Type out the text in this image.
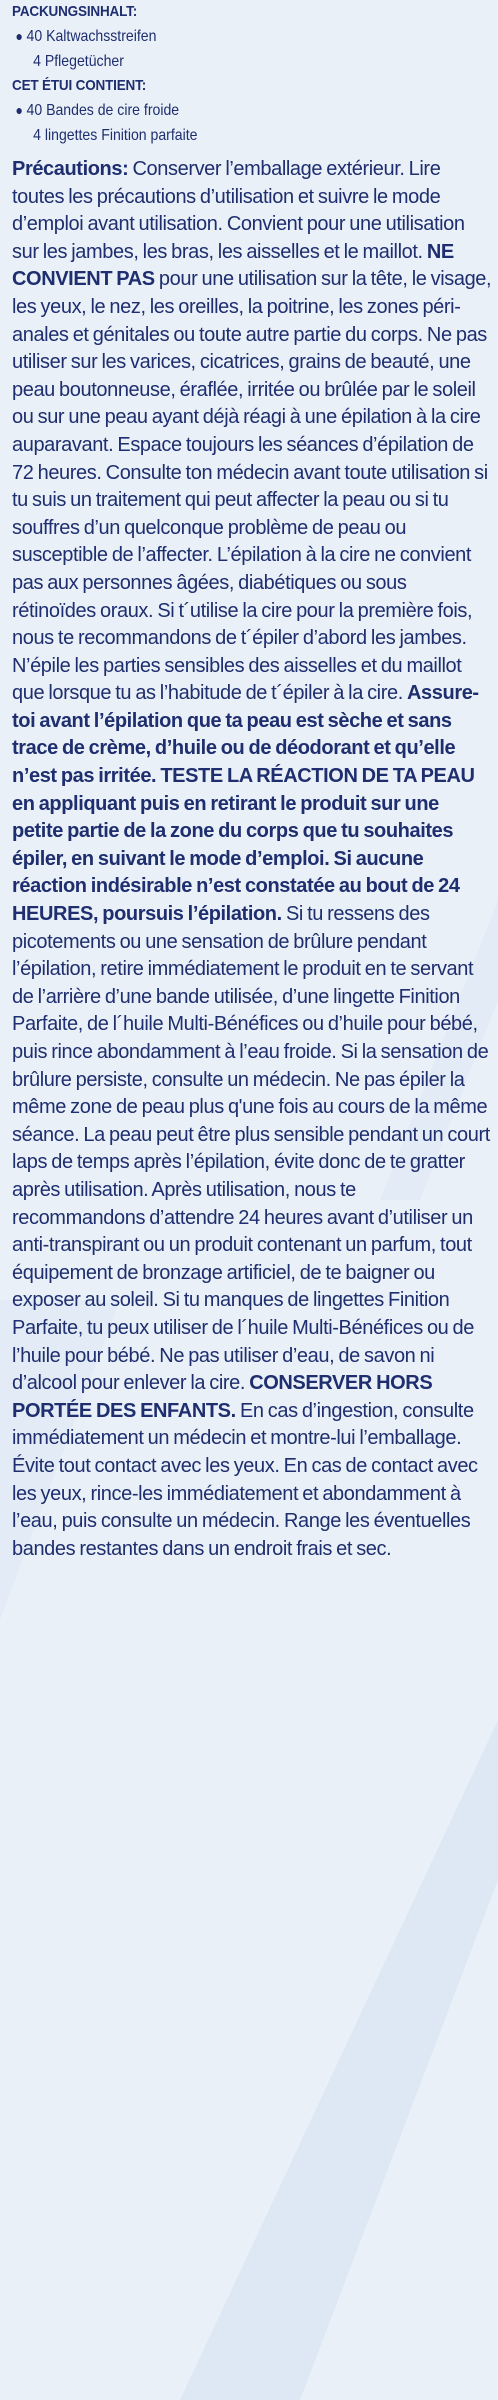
PACKUNGSINHALT:

● 40 Kaltwachsstreifen

4 Pflegetücher

CET ÉTUI CONTIENT:

● 40 Bandes de cire froide

4 lingettes Finition parfaite

Précautions: Conserver l’emballage extérieur. Lire toutes les précautions d’utilisation et suivre le mode d’emploi avant utilisation. Convient pour une utilisation sur les jambes, les bras, les aisselles et le maillot. NE CONVIENT PAS pour une utilisation sur la tête, le visage, les yeux, le nez, les oreilles, la poitrine, les zones péri-anales et génitales ou toute autre partie du corps. Ne pas utiliser sur les varices, cicatrices, grains de beauté, une peau boutonneuse, éraflée, irritée ou brûlée par le soleil ou sur une peau ayant déjà réagi à une épilation à la cire auparavant. Espace toujours les séances d’épilation de 72 heures. Consulte ton médecin avant toute utilisation si tu suis un traitement qui peut affecter la peau ou si tu souffres d’un quelconque problème de peau ou susceptible de l’affecter. L’épilation à la cire ne convient pas aux personnes âgées, diabétiques ou sous rétinoïdes oraux. Si t´utilise la cire pour la première fois, nous te recommandons de t´épiler d’abord les jambes. N’épile les parties sensibles des aisselles et du maillot que lorsque tu as l’habitude de t´épiler à la cire. Assure-toi avant l’épilation que ta peau est sèche et sans trace de crème, d’huile ou de déodorant et qu’elle n’est pas irritée. TESTE LA RÉACTION DE TA PEAU en appliquant puis en retirant le produit sur une petite partie de la zone du corps que tu souhaites épiler, en suivant le mode d’emploi. Si aucune réaction indésirable n’est constatée au bout de 24 HEURES, poursuis l’épilation. Si tu ressens des picotements ou une sensation de brûlure pendant l’épilation, retire immédiatement le produit en te servant de l’arrière d’une bande utilisée, d’une lingette Finition Parfaite, de l´huile Multi-Bénéfices ou d’huile pour bébé, puis rince abondamment à l’eau froide. Si la sensation de brûlure persiste, consulte un médecin. Ne pas épiler la même zone de peau plus q'une fois au cours de la même séance. La peau peut être plus sensible pendant un court laps de temps après l’épilation, évite donc de te gratter après utilisation. Après utilisation, nous te recommandons d’attendre 24 heures avant d’utiliser un anti-transpirant ou un produit contenant un parfum, tout équipement de bronzage artificiel, de te baigner ou exposer au soleil. Si tu manques de lingettes Finition Parfaite, tu peux utiliser de l´huile Multi-Bénéfices ou de l’huile pour bébé. Ne pas utiliser d’eau, de savon ni d’alcool pour enlever la cire. CONSERVER HORS PORTÉE DES ENFANTS. En cas d’ingestion, consulte immédiatement un médecin et montre-lui l’emballage. Évite tout contact avec les yeux. En cas de contact avec les yeux, rince-les immédiatement et abondamment à l’eau, puis consulte un médecin. Range les éventuelles bandes restantes dans un endroit frais et sec.
